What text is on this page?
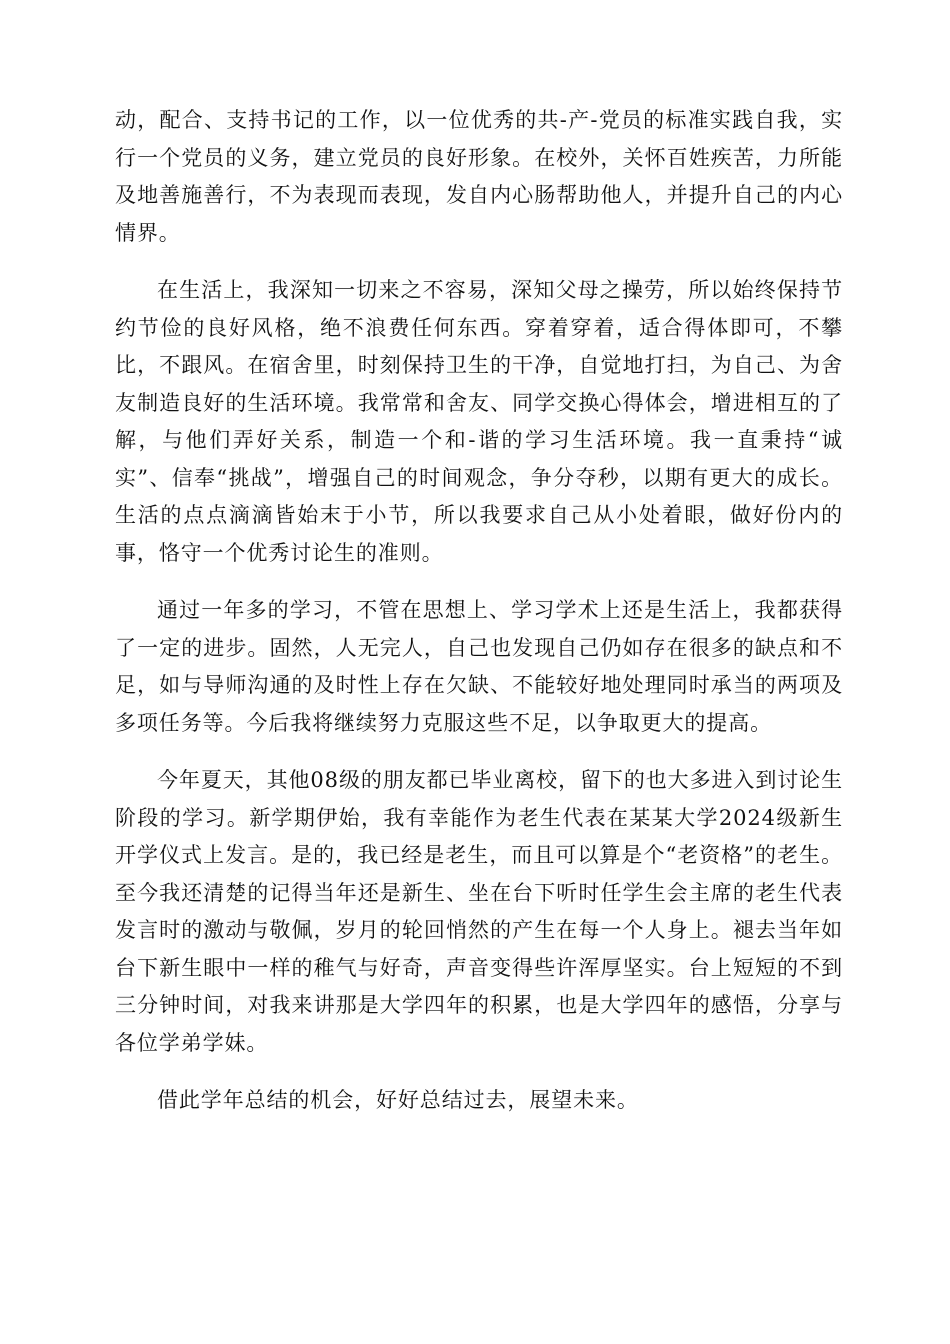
动，配合、支持书记的工作，以一位优秀的共-产-党员的标准实践自我，实行一个党员的义务，建立党员的良好形象。在校外，关怀百姓疾苦，力所能及地善施善行，不为表现而表现，发自内心肠帮助他人，并提升自己的内心情界。

在生活上，我深知一切来之不容易，深知父母之操劳，所以始终保持节约节俭的良好风格，绝不浪费任何东西。穿着穿着，适合得体即可，不攀比，不跟风。在宿舍里，时刻保持卫生的干净，自觉地打扫，为自己、为舍友制造良好的生活环境。我常常和舍友、同学交换心得体会，增进相互的了解，与他们弄好关系，制造一个和-谐的学习生活环境。我一直秉持“诚实”、信奉“挑战”，增强自己的时间观念，争分夺秒，以期有更大的成长。生活的点点滴滴皆始末于小节，所以我要求自己从小处着眼，做好份内的事，恪守一个优秀讨论生的准则。

通过一年多的学习，不管在思想上、学习学术上还是生活上，我都获得了一定的进步。固然，人无完人，自己也发现自己仍如存在很多的缺点和不足，如与导师沟通的及时性上存在欠缺、不能较好地处理同时承当的两项及多项任务等。今后我将继续努力克服这些不足，以争取更大的提高。

今年夏天，其他08级的朋友都已毕业离校，留下的也大多进入到讨论生阶段的学习。新学期伊始，我有幸能作为老生代表在某某大学2024级新生开学仪式上发言。是的，我已经是老生，而且可以算是个“老资格”的老生。至今我还清楚的记得当年还是新生、坐在台下听时任学生会主席的老生代表发言时的激动与敬佩，岁月的轮回悄然的产生在每一个人身上。褪去当年如台下新生眼中一样的稚气与好奇，声音变得些许浑厚坚实。台上短短的不到三分钟时间，对我来讲那是大学四年的积累，也是大学四年的感悟，分享与各位学弟学妹。

借此学年总结的机会，好好总结过去，展望未来。
